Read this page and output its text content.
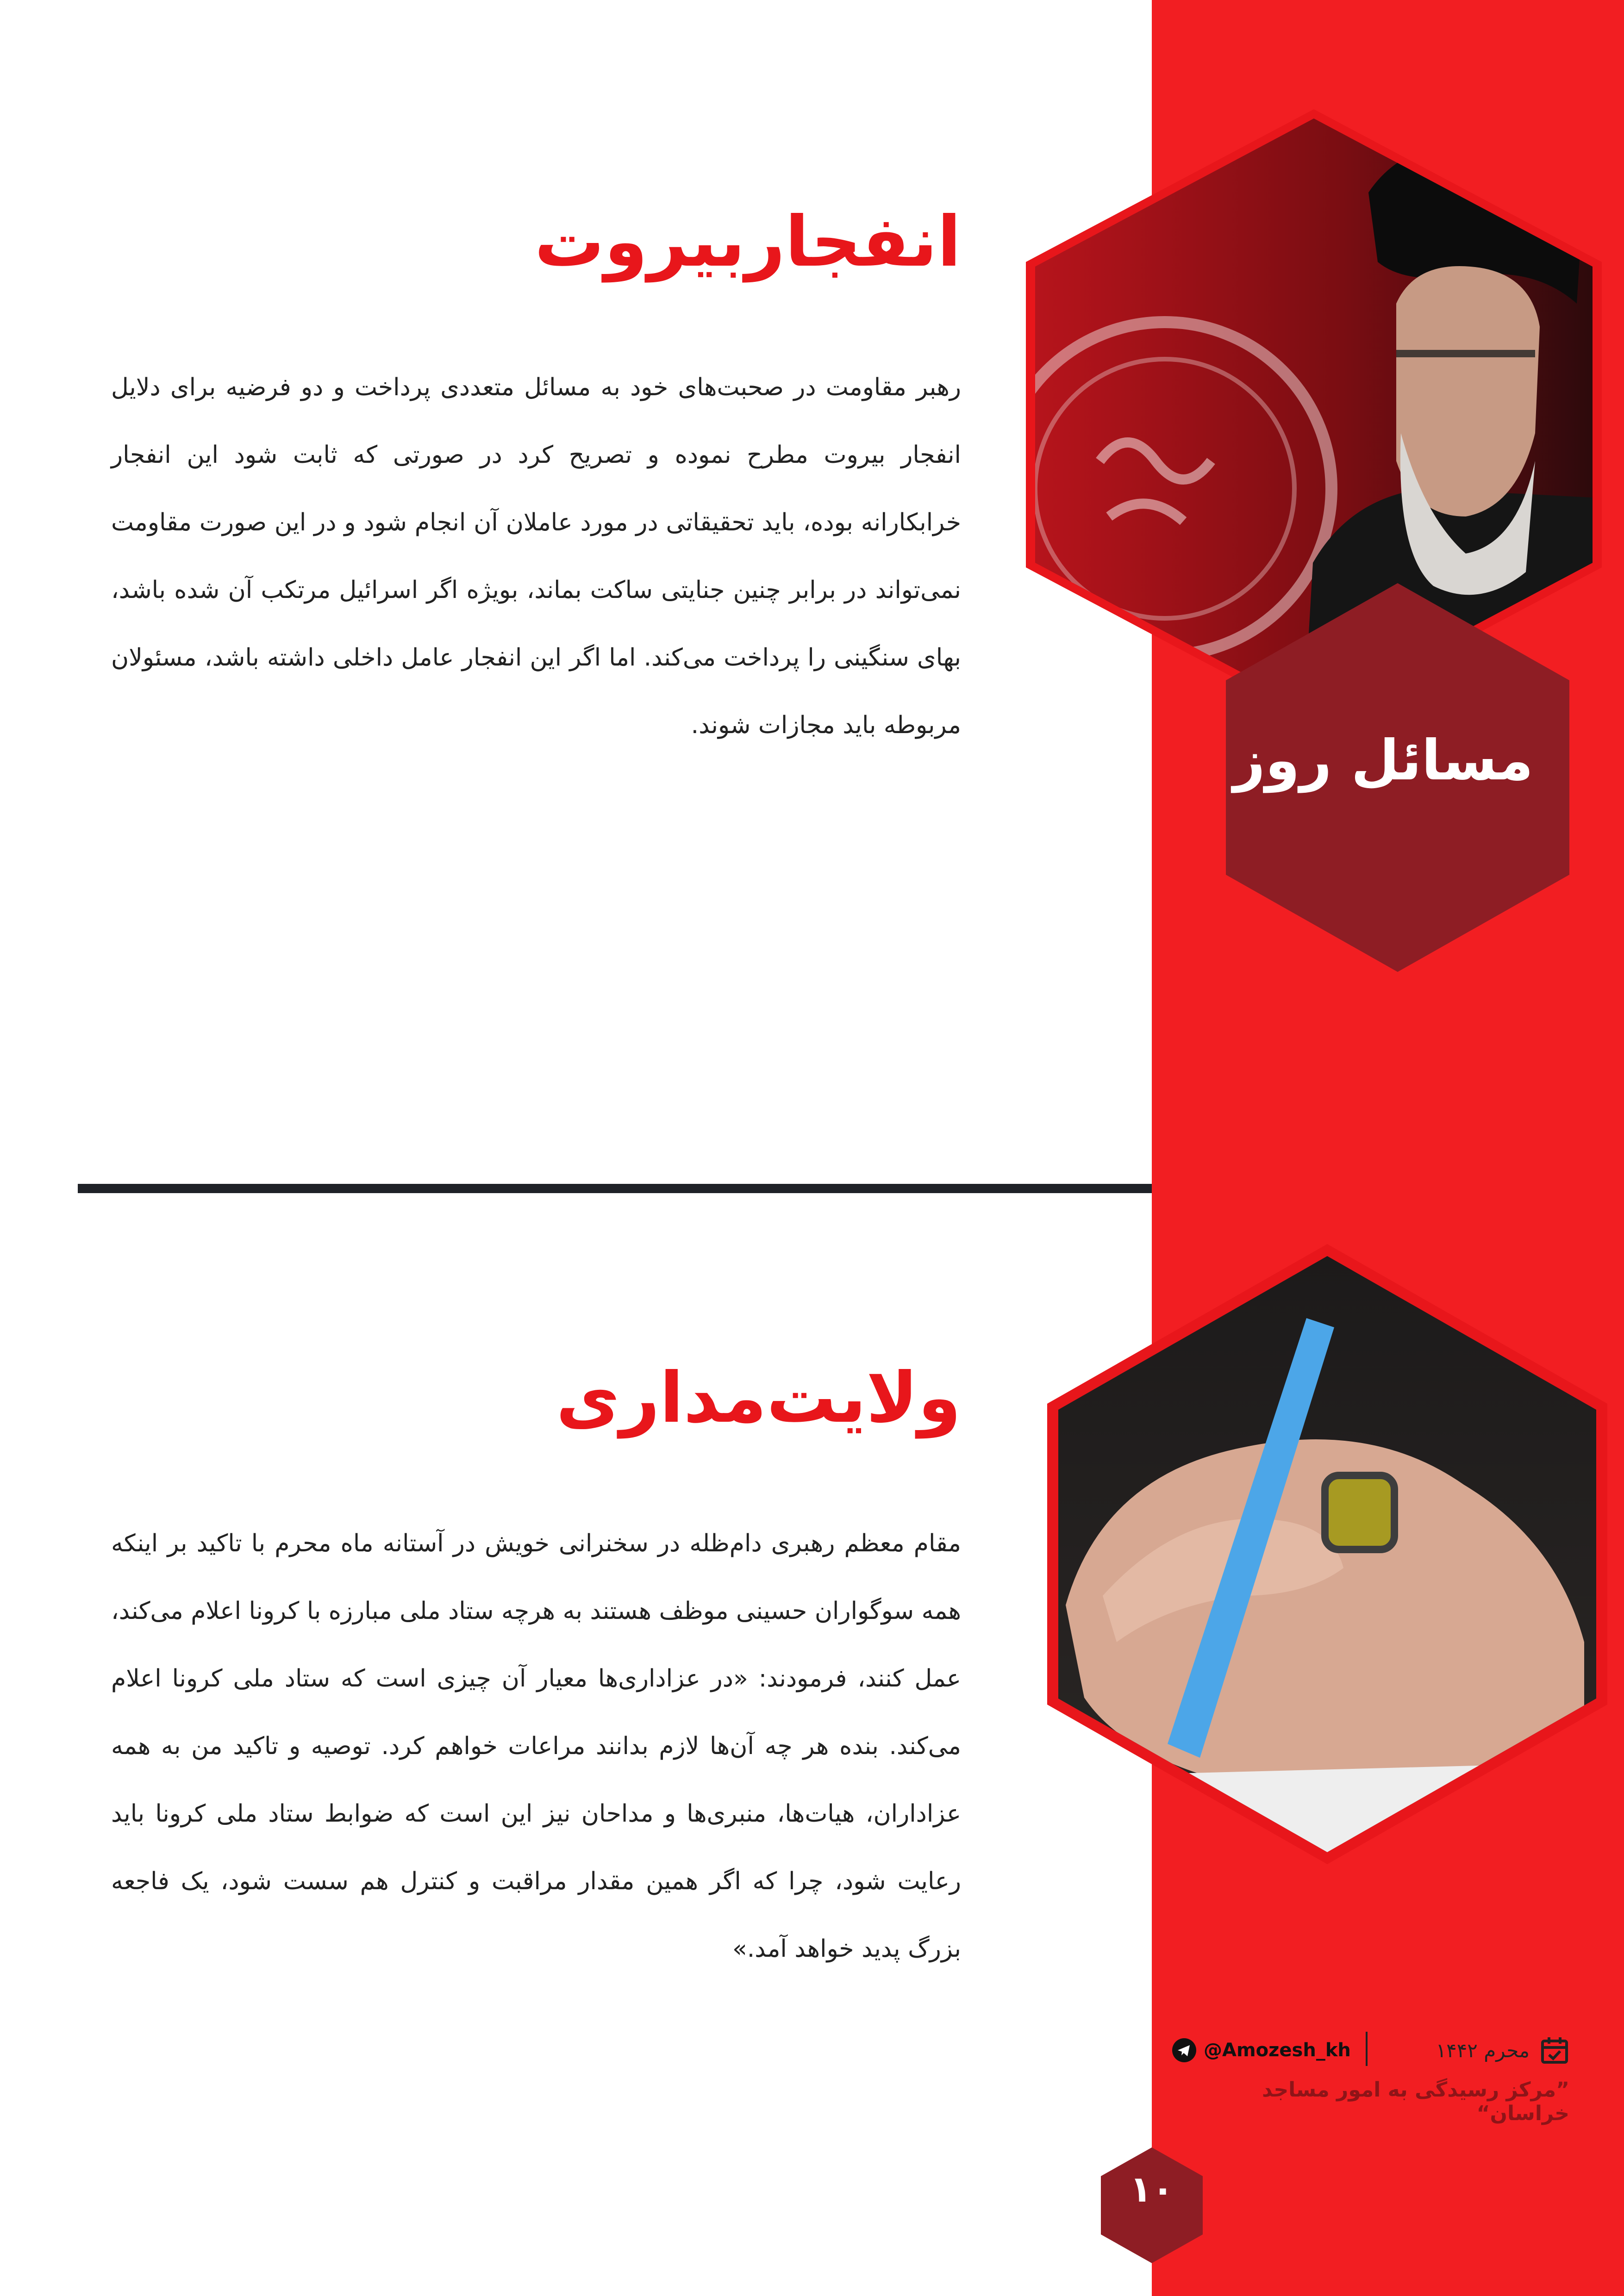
مسائل روز
انفجاربیروت

رهبر مقاومت در صحبت‌های خود به مسائل متعددی پرداخت و دو فرضیه برای دلایل انفجار بیروت مطرح نموده و تصریح کرد در صورتی که ثابت شود این انفجار خرابکارانه بوده، باید تحقیقاتی در مورد عاملان آن انجام شود و در این صورت مقاومت نمی‌تواند در برابر چنین جنایتی ساکت بماند، بویژه اگر اسرائیل مرتکب آن شده باشد، بهای سنگینی را پرداخت می‌کند. اما اگر این انفجار عامل داخلی داشته باشد، مسئولان مربوطه باید مجازات شوند.

ولایت‌مداری

مقام معظم رهبری دام‌ظله در سخنرانی خویش در آستانه ماه محرم با تاکید بر اینکه همه سوگواران حسینی موظف هستند به هرچه ستاد ملی مبارزه با کرونا اعلام می‌کند، عمل کنند، فرمودند: «در عزاداری‌ها معیار آن چیزی است که ستاد ملی کرونا اعلام می‌کند. بنده هر چه آن‌ها لازم بدانند مراعات خواهم کرد. توصیه و تاکید من به همه عزاداران، هیات‌ها، منبری‌ها و مداحان نیز این است که ضوابط ستاد ملی کرونا باید رعایت شود، چرا که اگر همین مقدار مراقبت و کنترل هم سست شود، یک فاجعه بزرگ پدید خواهد آمد.»

محرم ۱۴۴۲
@Amozesh_kh
”مرکز رسیدگی به امور مساجد خراسان“
۱۰
